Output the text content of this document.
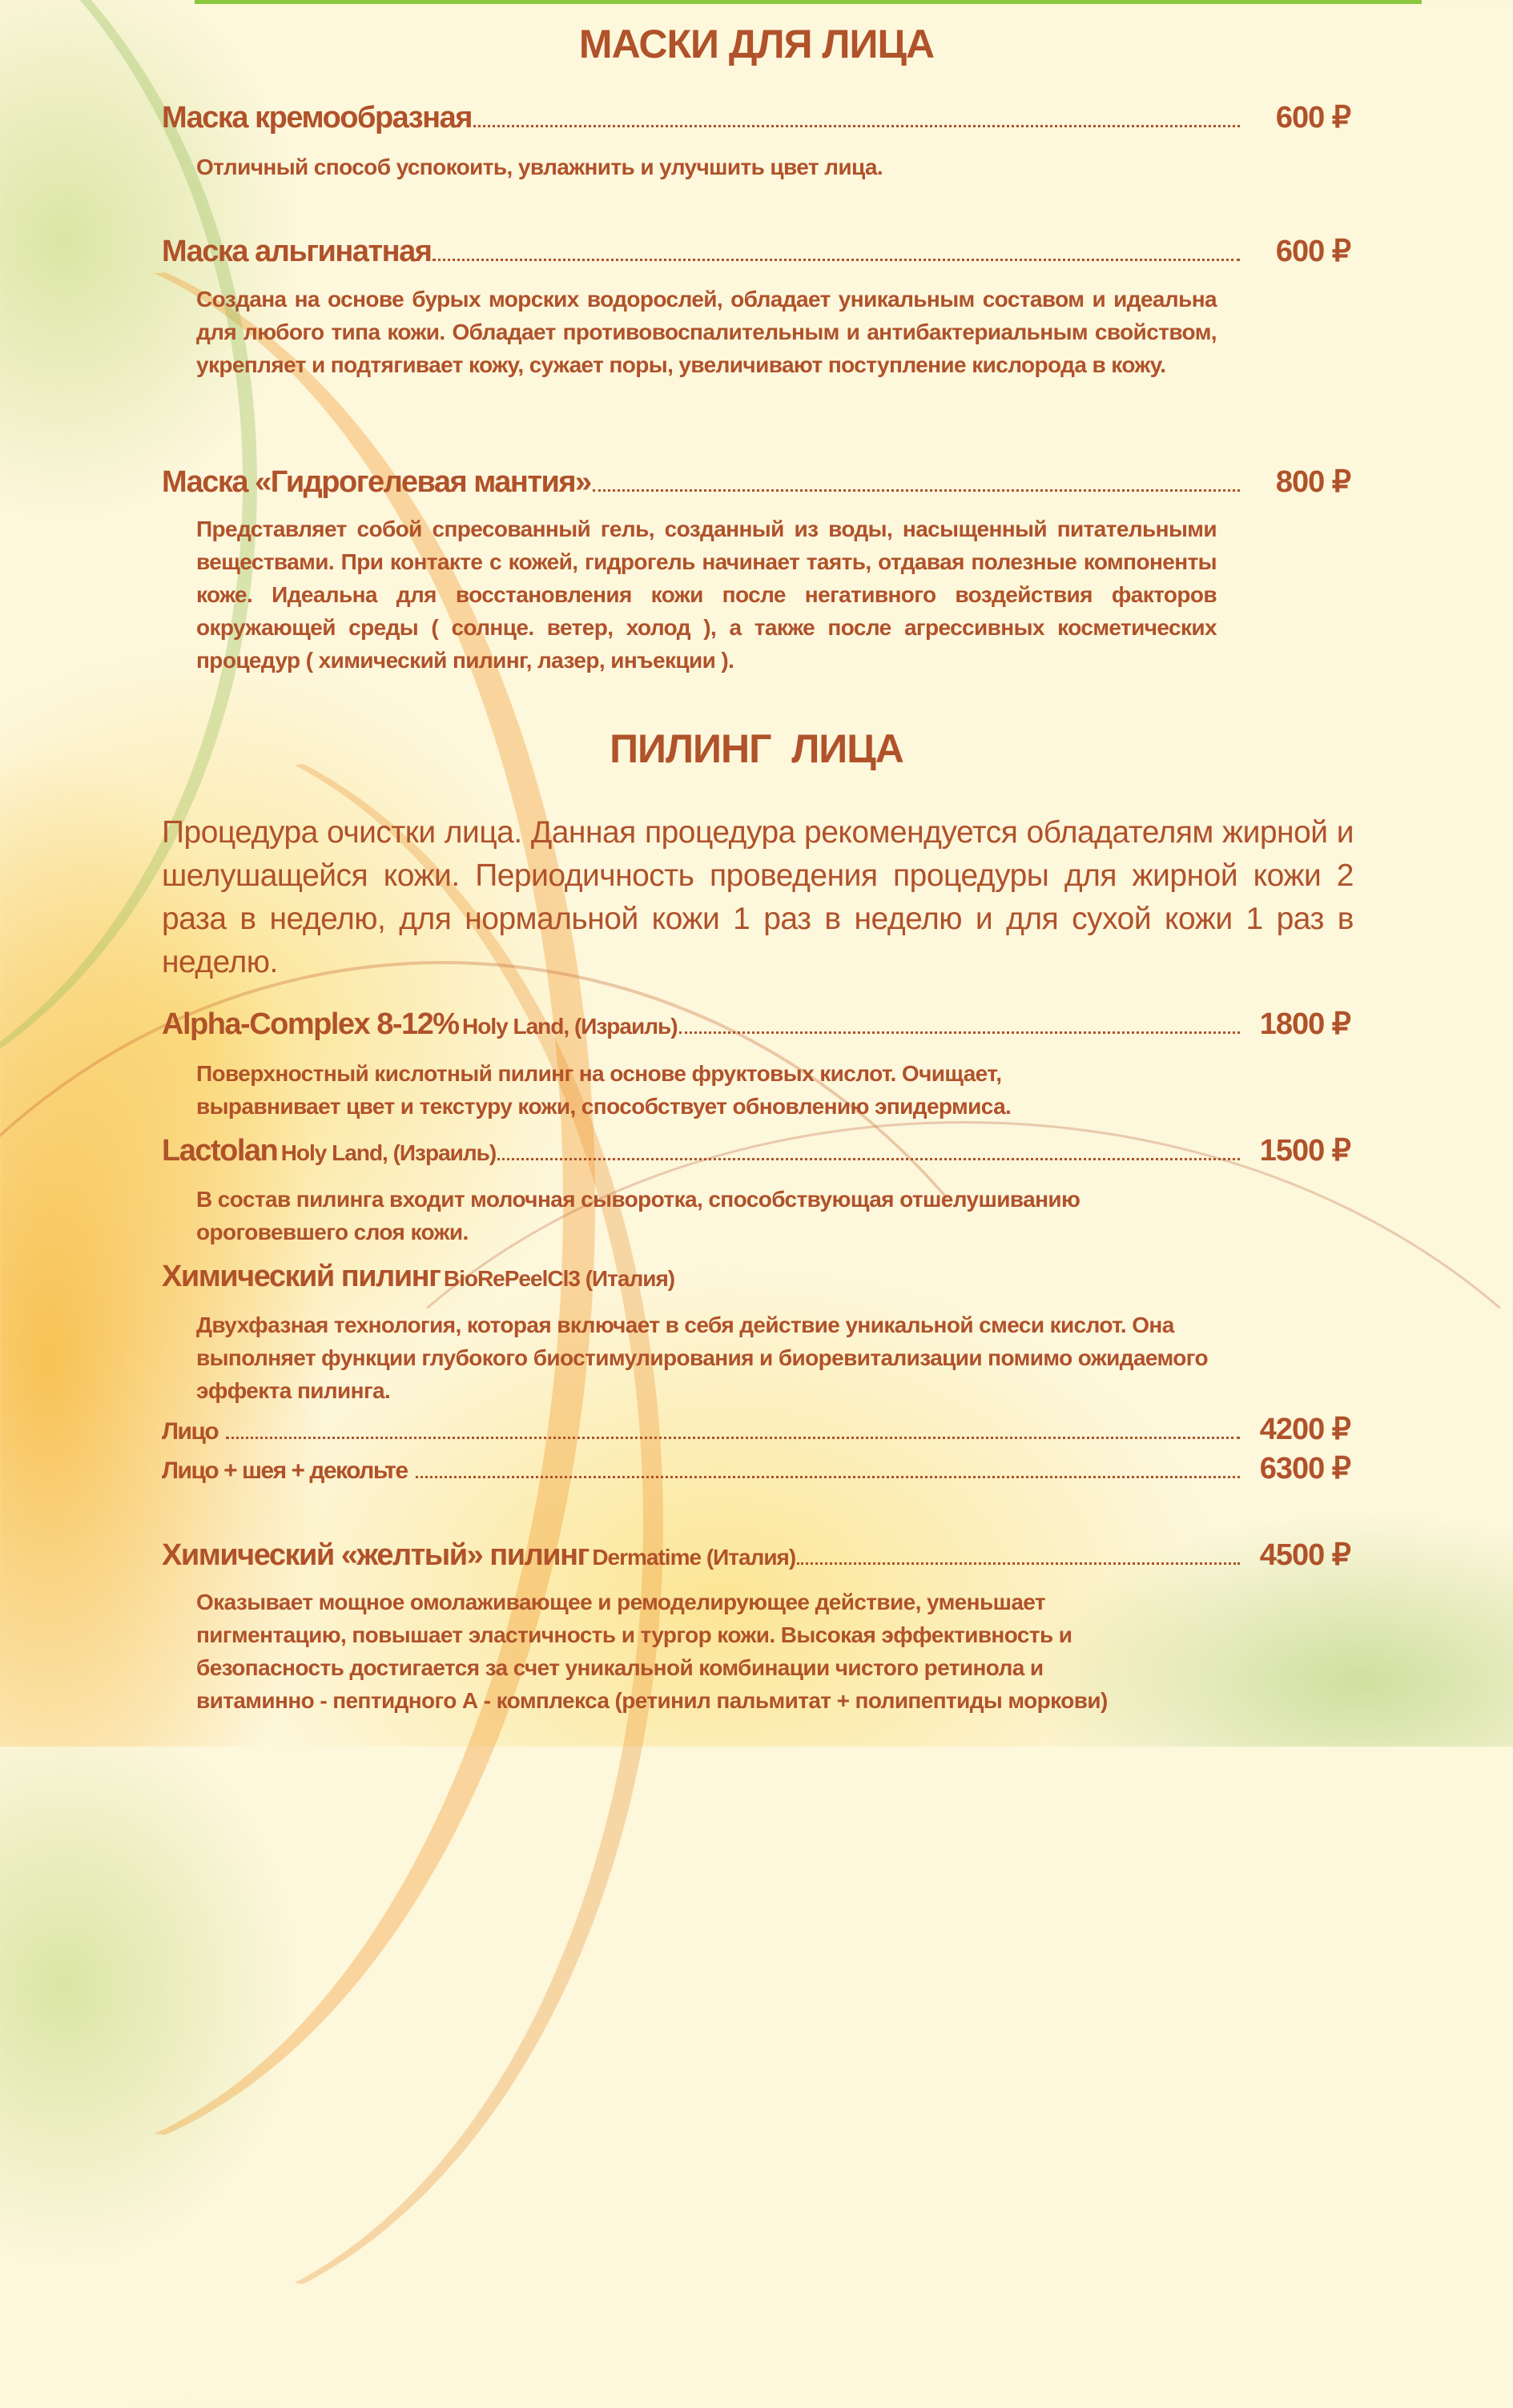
МАСКИ ДЛЯ ЛИЦА
Маска кремообразная	600 ₽
Отличный способ успокоить, увлажнить и улучшить цвет лица.
Маска альгинатная	600 ₽
Создана на основе бурых морских водорослей, обладает уникальным составом и идеальна для любого типа кожи. Обладает противовоспалительным и антибактериальным свойством, укрепляет и подтягивает кожу, сужает поры, увеличивают поступление кислорода в кожу.
Маска «Гидрогелевая мантия»	800 ₽
Представляет собой спресованный гель, созданный из воды, насыщенный питательными веществами. При контакте с кожей, гидрогель начинает таять, отдавая полезные компоненты коже. Идеальна для восстановления кожи после негативного воздействия факторов окружающей среды ( солнце. ветер, холод ), а также после агрессивных косметических процедур ( химический пилинг, лазер, инъекции ).
ПИЛИНГ  ЛИЦА
Процедура очистки лица. Данная процедура рекомендуется обладателям жирной и шелушащейся кожи. Периодичность проведения процедуры для жирной кожи 2 раза в неделю, для нормальной кожи 1 раз в неделю и для сухой кожи 1 раз в неделю.
Alpha-Complex 8-12%
Holy Land, (Израиль)	1800 ₽
Поверхностный кислотный пилинг на основе фруктовых кислот. Очищает, выравнивает цвет и текстуру кожи, способствует обновлению эпидермиса.
Lactolan
Holy Land, (Израиль)	1500 ₽
В состав пилинга входит молочная сыворотка, способствующая отшелушиванию ороговевшего слоя кожи.
Химический пилинг
BioRePeelCl3 (Италия)
Двухфазная технология, которая включает в себя действие уникальной смеси кислот. Она выполняет функции глубокого биостимулирования и биоревитализации помимо ожидаемого эффекта пилинга.
Лицо	4200 ₽
Лицо + шея + декольте	6300 ₽
Химический «желтый» пилинг
Dermatime (Италия)	4500 ₽
Оказывает мощное омолаживающее и ремоделирующее действие, уменьшает пигментацию, повышает эластичность и тургор кожи. Высокая эффективность и безопасность достигается за счет уникальной комбинации чистого ретинола и витаминно - пептидного А - комплекса (ретинил пальмитат + полипептиды моркови)
